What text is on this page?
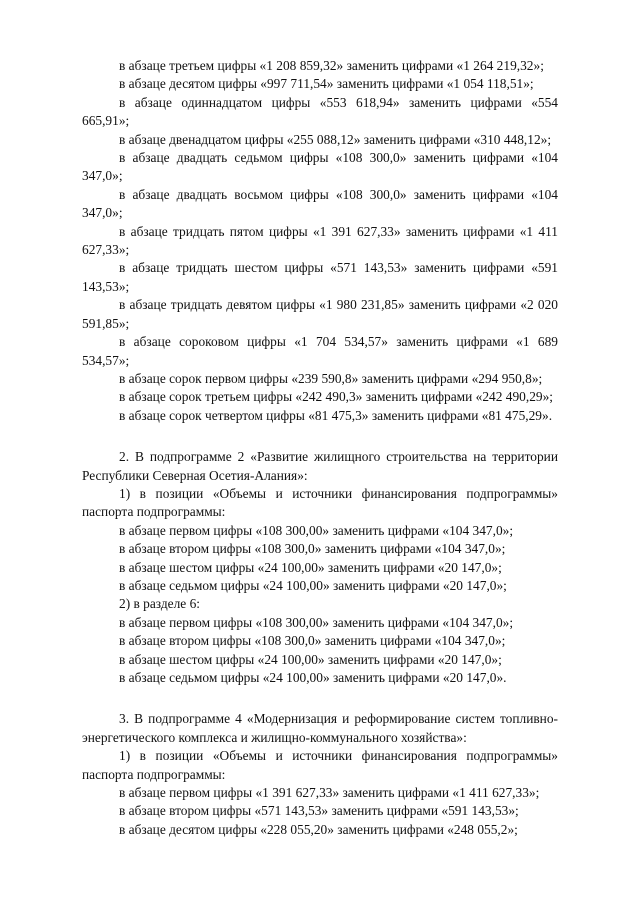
в абзаце третьем цифры «1 208 859,32» заменить цифрами «1 264 219,32»;

в абзаце десятом цифры «997 711,54» заменить цифрами «1 054 118,51»;

в абзаце одиннадцатом цифры «553 618,94» заменить цифрами «554 665,91»;

в абзаце двенадцатом цифры «255 088,12» заменить цифрами «310 448,12»;

в абзаце двадцать седьмом цифры «108 300,0» заменить цифрами «104 347,0»;

в абзаце двадцать восьмом цифры «108 300,0» заменить цифрами «104 347,0»;

в абзаце тридцать пятом цифры «1 391 627,33» заменить цифрами «1 411 627,33»;

в абзаце тридцать шестом цифры «571 143,53» заменить цифрами «591 143,53»;

в абзаце тридцать девятом цифры «1 980 231,85» заменить цифрами «2 020 591,85»;

в абзаце сороковом цифры «1 704 534,57» заменить цифрами «1 689 534,57»;

в абзаце сорок первом цифры «239 590,8» заменить цифрами «294 950,8»;

в абзаце сорок третьем цифры «242 490,3» заменить цифрами «242 490,29»;

в абзаце сорок четвертом цифры «81 475,3» заменить цифрами «81 475,29».

2. В подпрограмме 2 «Развитие жилищного строительства на территории Республики Северная Осетия-Алания»:

1) в позиции «Объемы и источники финансирования подпрограммы» паспорта подпрограммы:

в абзаце первом цифры «108 300,00» заменить цифрами «104 347,0»;

в абзаце втором цифры «108 300,0» заменить цифрами «104 347,0»;

в абзаце шестом цифры «24 100,00» заменить цифрами «20 147,0»;

в абзаце седьмом цифры «24 100,00» заменить цифрами «20 147,0»;

2) в разделе 6:

в абзаце первом цифры «108 300,00» заменить цифрами «104 347,0»;

в абзаце втором цифры «108 300,0» заменить цифрами «104 347,0»;

в абзаце шестом цифры «24 100,00» заменить цифрами «20 147,0»;

в абзаце седьмом цифры «24 100,00» заменить цифрами «20 147,0».

3. В подпрограмме 4 «Модернизация и реформирование систем топливно-энергетического комплекса и жилищно-коммунального хозяйства»:

1) в позиции «Объемы и источники финансирования подпрограммы» паспорта подпрограммы:

в абзаце первом цифры «1 391 627,33» заменить цифрами «1 411 627,33»;

в абзаце втором цифры «571 143,53» заменить цифрами «591 143,53»;

в абзаце десятом цифры «228 055,20» заменить цифрами «248 055,2»;
